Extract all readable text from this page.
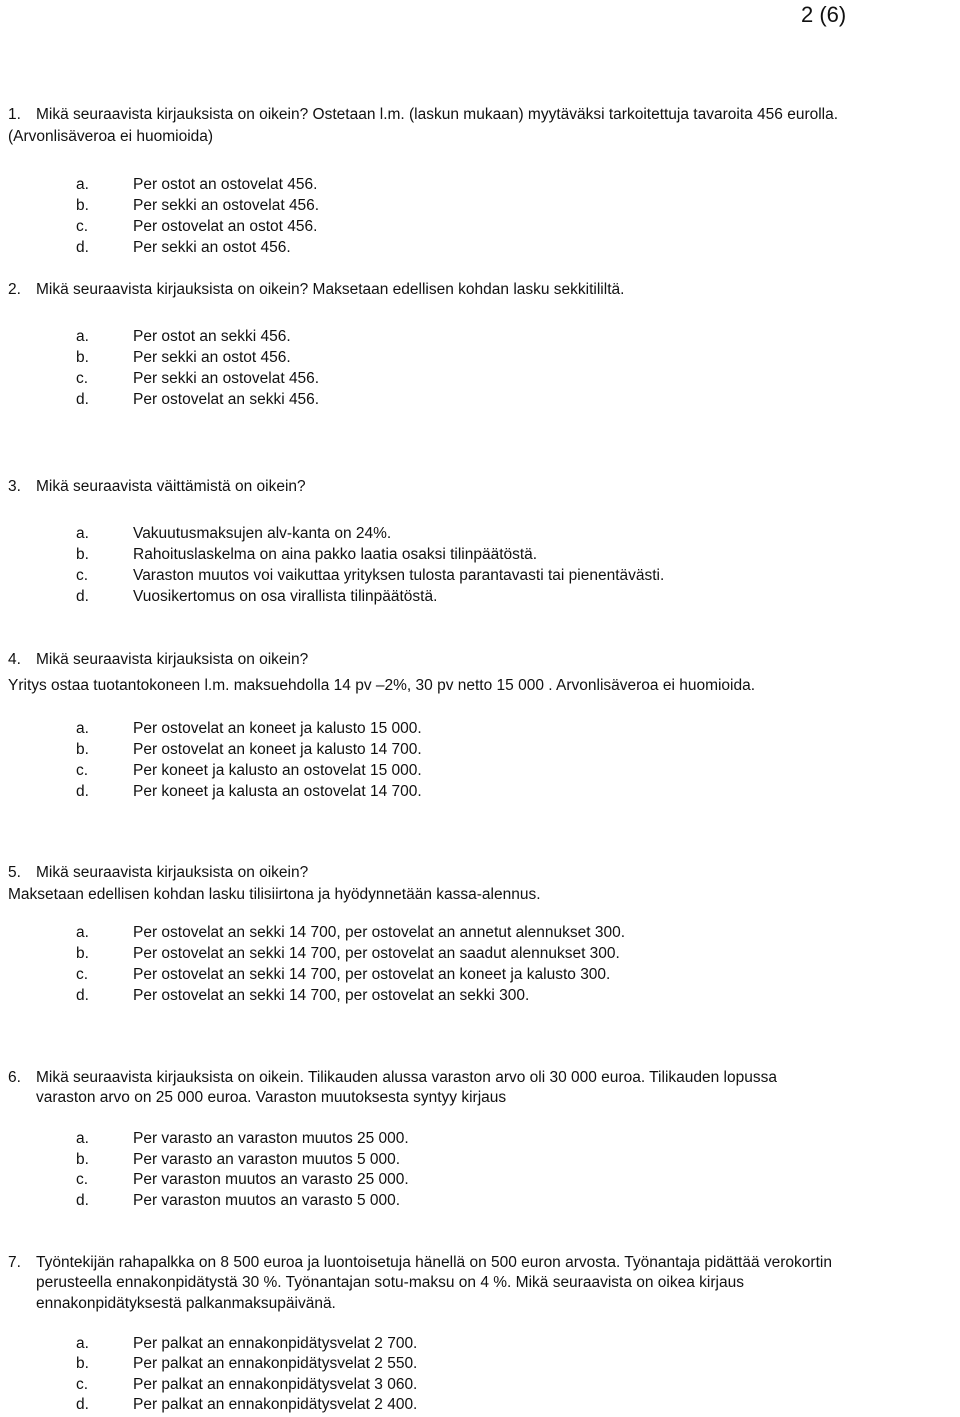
2 (6)
1. Mikä seuraavista kirjauksista on oikein? Ostetaan l.m. (laskun mukaan) myytäväksi tarkoitettuja tavaroita 456 eurolla.
(Arvonlisäveroa ei huomioida)
a.	Per ostot an ostovelat 456.
b.	Per sekki an ostovelat 456.
c.	Per ostovelat an ostot 456.
d.	Per sekki an ostot 456.
2. Mikä seuraavista kirjauksista on oikein? Maksetaan edellisen kohdan lasku sekkitililtä.
a.	Per ostot an sekki 456.
b.	Per sekki an ostot 456.
c.	Per sekki an ostovelat 456.
d.	Per ostovelat an sekki 456.
3. Mikä seuraavista väittämistä on oikein?
a.	Vakuutusmaksujen alv-kanta on 24%.
b.	Rahoituslaskelma on aina pakko laatia osaksi tilinpäätöstä.
c.	Varaston muutos voi vaikuttaa yrityksen tulosta parantavasti tai pienentävästi.
d.	Vuosikertomus on osa virallista tilinpäätöstä.
4. Mikä seuraavista kirjauksista on oikein?
Yritys ostaa tuotantokoneen l.m. maksuehdolla 14 pv –2%, 30 pv netto 15 000 . Arvonlisäveroa ei huomioida.
a.	Per ostovelat an koneet ja kalusto 15 000.
b.	Per ostovelat an koneet ja kalusto 14 700.
c.	Per koneet ja kalusto an ostovelat 15 000.
d.	Per koneet ja kalusta an ostovelat 14 700.
5. Mikä seuraavista kirjauksista on oikein?
Maksetaan edellisen kohdan lasku tilisiirtona ja hyödynnetään kassa-alennus.
a.	Per ostovelat an sekki 14 700, per ostovelat an annetut alennukset 300.
b.	Per ostovelat an sekki 14 700, per ostovelat an saadut alennukset 300.
c.	Per ostovelat an sekki 14 700, per ostovelat an koneet ja kalusto 300.
d.	Per ostovelat an sekki 14 700, per ostovelat an sekki 300.
6. Mikä seuraavista kirjauksista on oikein. Tilikauden alussa varaston arvo oli 30 000 euroa. Tilikauden lopussa
varaston arvo on 25 000 euroa. Varaston muutoksesta syntyy kirjaus
a.	Per varasto an varaston muutos 25 000.
b.	Per varasto an varaston muutos 5 000.
c.	Per varaston muutos an varasto 25 000.
d.	Per varaston muutos an varasto 5 000.
7. Työntekijän rahapalkka on 8 500 euroa ja luontoisetuja hänellä on 500 euron arvosta. Työnantaja pidättää verokortin
perusteella ennakonpidätystä 30 %. Työnantajan sotu-maksu on 4 %. Mikä seuraavista on oikea kirjaus
ennakonpidätyksestä palkanmaksupäivänä.
a.	Per palkat an ennakonpidätysvelat 2 700.
b.	Per palkat an ennakonpidätysvelat 2 550.
c.	Per palkat an ennakonpidätysvelat 3 060.
d.	Per palkat an ennakonpidätysvelat 2 400.
